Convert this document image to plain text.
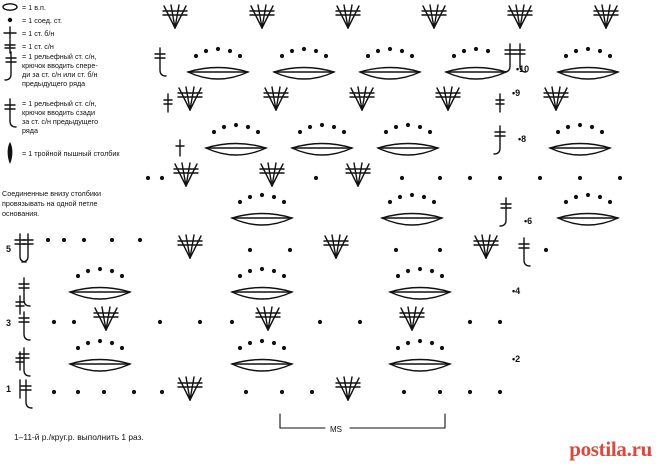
= 1 в.п.
= 1 соед. ст.
= 1 ст. б/н
= 1 ст. с/н
= 1 рельефный ст. с/н,
крючок вводить спере-
ди за ст. с/н или ст. б/н
предыдущего ряда
= 1 рельефный ст. с/н,
крючок вводить сзади
за ст. с/н предыдущего
ряда
= 1 тройной пышный столбик
Соединенные внизу столбики
провязывать на одной петле
основания.
1
•2
3
•4
5
•6
•8
•9
•10
MS
1–11-й р./круг.р. выполнить 1 раз.	postila.ru
